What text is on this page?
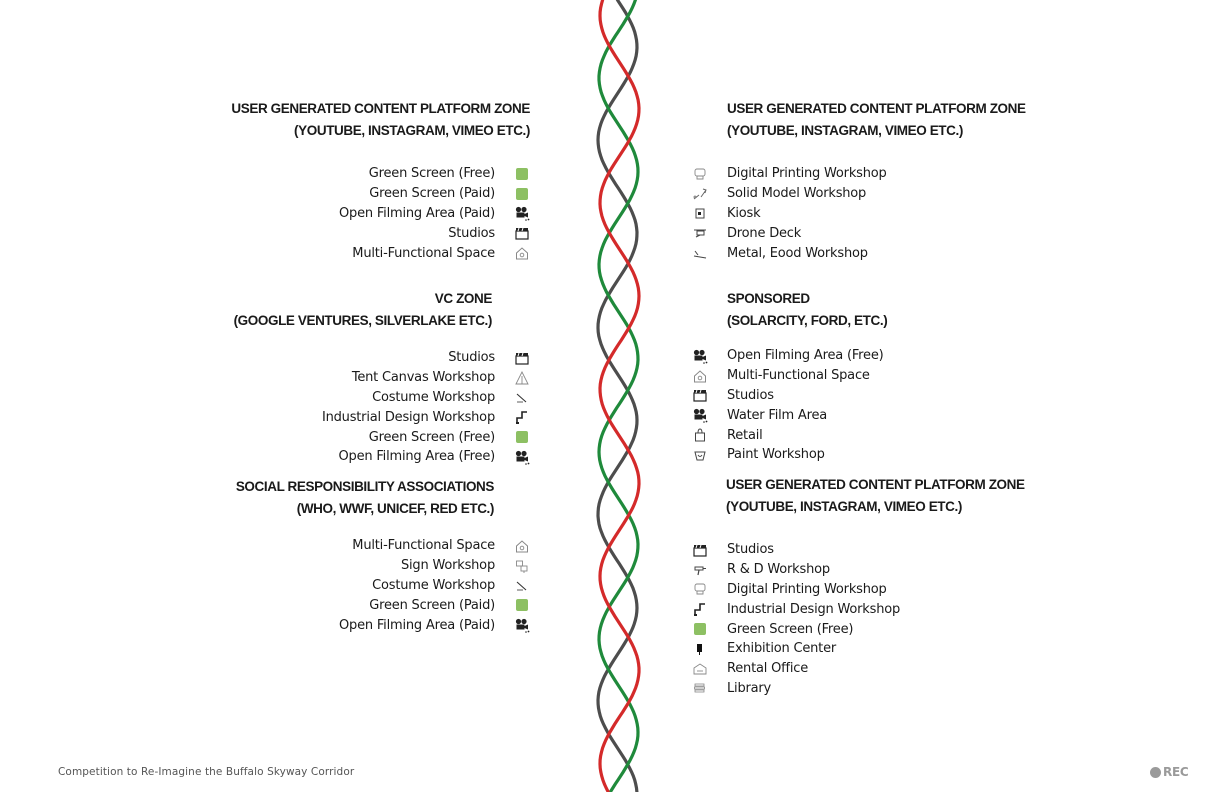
USER GENERATED CONTENT PLATFORM ZONE

(YOUTUBE, INSTAGRAM, VIMEO ETC.)

Green Screen (Free)
Green Screen (Paid)
Open Filming Area (Paid)
Studios
Multi-Functional Space

VC ZONE

(GOOGLE VENTURES, SILVERLAKE ETC.)

Studios
Tent Canvas Workshop
Costume Workshop
Industrial Design Workshop
Green Screen (Free)
Open Filming Area (Free)

SOCIAL RESPONSIBILITY ASSOCIATIONS

(WHO, WWF, UNICEF, RED ETC.)

Multi-Functional Space
Sign Workshop
Costume Workshop
Green Screen (Paid)
Open Filming Area (Paid)

USER GENERATED CONTENT PLATFORM ZONE

(YOUTUBE, INSTAGRAM, VIMEO ETC.)

Digital Printing Workshop
Solid Model Workshop
Kiosk
Drone Deck
Metal, Eood Workshop

SPONSORED

(SOLARCITY, FORD, ETC.)

Open Filming Area (Free)
Multi-Functional Space
Studios
Water Film Area
Retail
Paint Workshop

USER GENERATED CONTENT PLATFORM ZONE

(YOUTUBE, INSTAGRAM, VIMEO ETC.)

Studios
R & D Workshop
Digital Printing Workshop
Industrial Design Workshop
Green Screen (Free)
Exhibition Center
Rental Office
Library
Competition to Re-Imagine the Buffalo Skyway Corridor	REC
